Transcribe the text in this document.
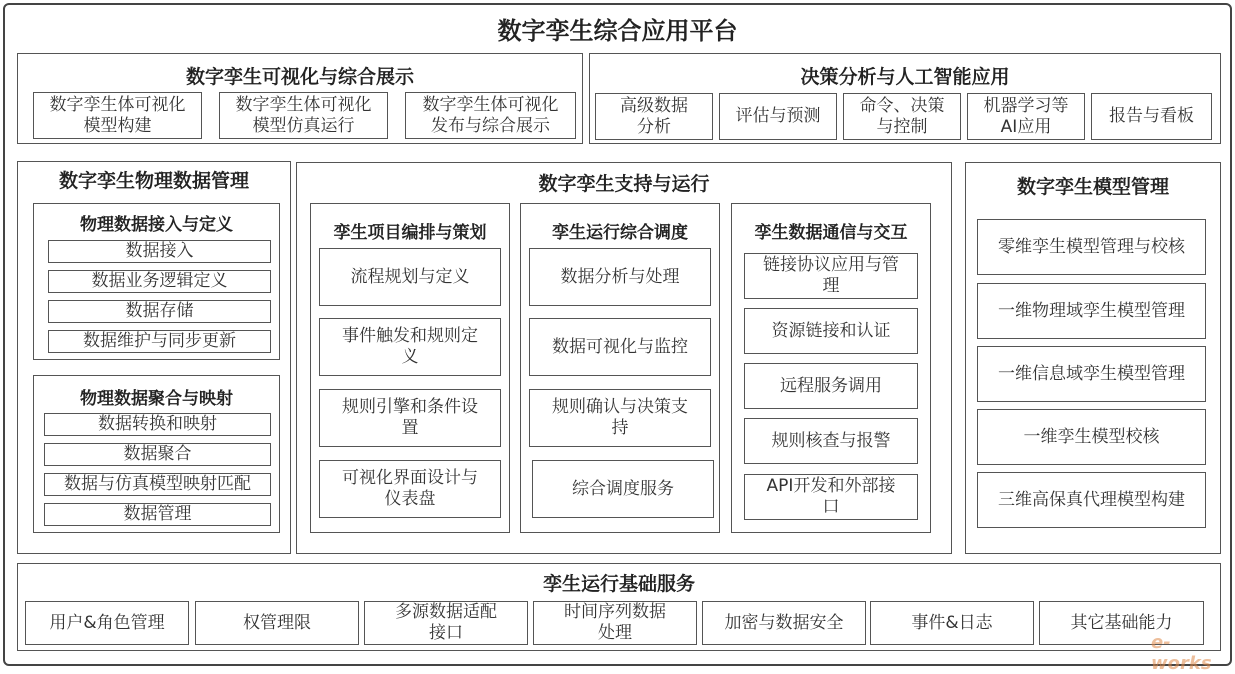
数字孪生综合应用平台
数字孪生可视化与综合展示
数字孪生体可视化
模型构建
数字孪生体可视化
模型仿真运行
数字孪生体可视化
发布与综合展示
决策分析与人工智能应用
高级数据
分析
评估与预测
命令、决策
与控制
机器学习等
AI应用
报告与看板
数字孪生物理数据管理
物理数据接入与定义
数据接入
数据业务逻辑定义
数据存储
数据维护与同步更新
物理数据聚合与映射
数据转换和映射
数据聚合
数据与仿真模型映射匹配
数据管理
数字孪生支持与运行
孪生项目编排与策划
流程规划与定义
事件触发和规则定
义
规则引擎和条件设
置
可视化界面设计与
仪表盘
孪生运行综合调度
数据分析与处理
数据可视化与监控
规则确认与决策支
持
综合调度服务
孪生数据通信与交互
链接协议应用与管
理
资源链接和认证
远程服务调用
规则核查与报警
API开发和外部接
口
数字孪生模型管理
零维孪生模型管理与校核
一维物理域孪生模型管理
一维信息域孪生模型管理
一维孪生模型校核
三维高保真代理模型构建
孪生运行基础服务
用户&角色管理	权管理限
多源数据适配
接口
时间序列数据
处理
加密与数据安全	事件&日志	其它基础能力
e-works
